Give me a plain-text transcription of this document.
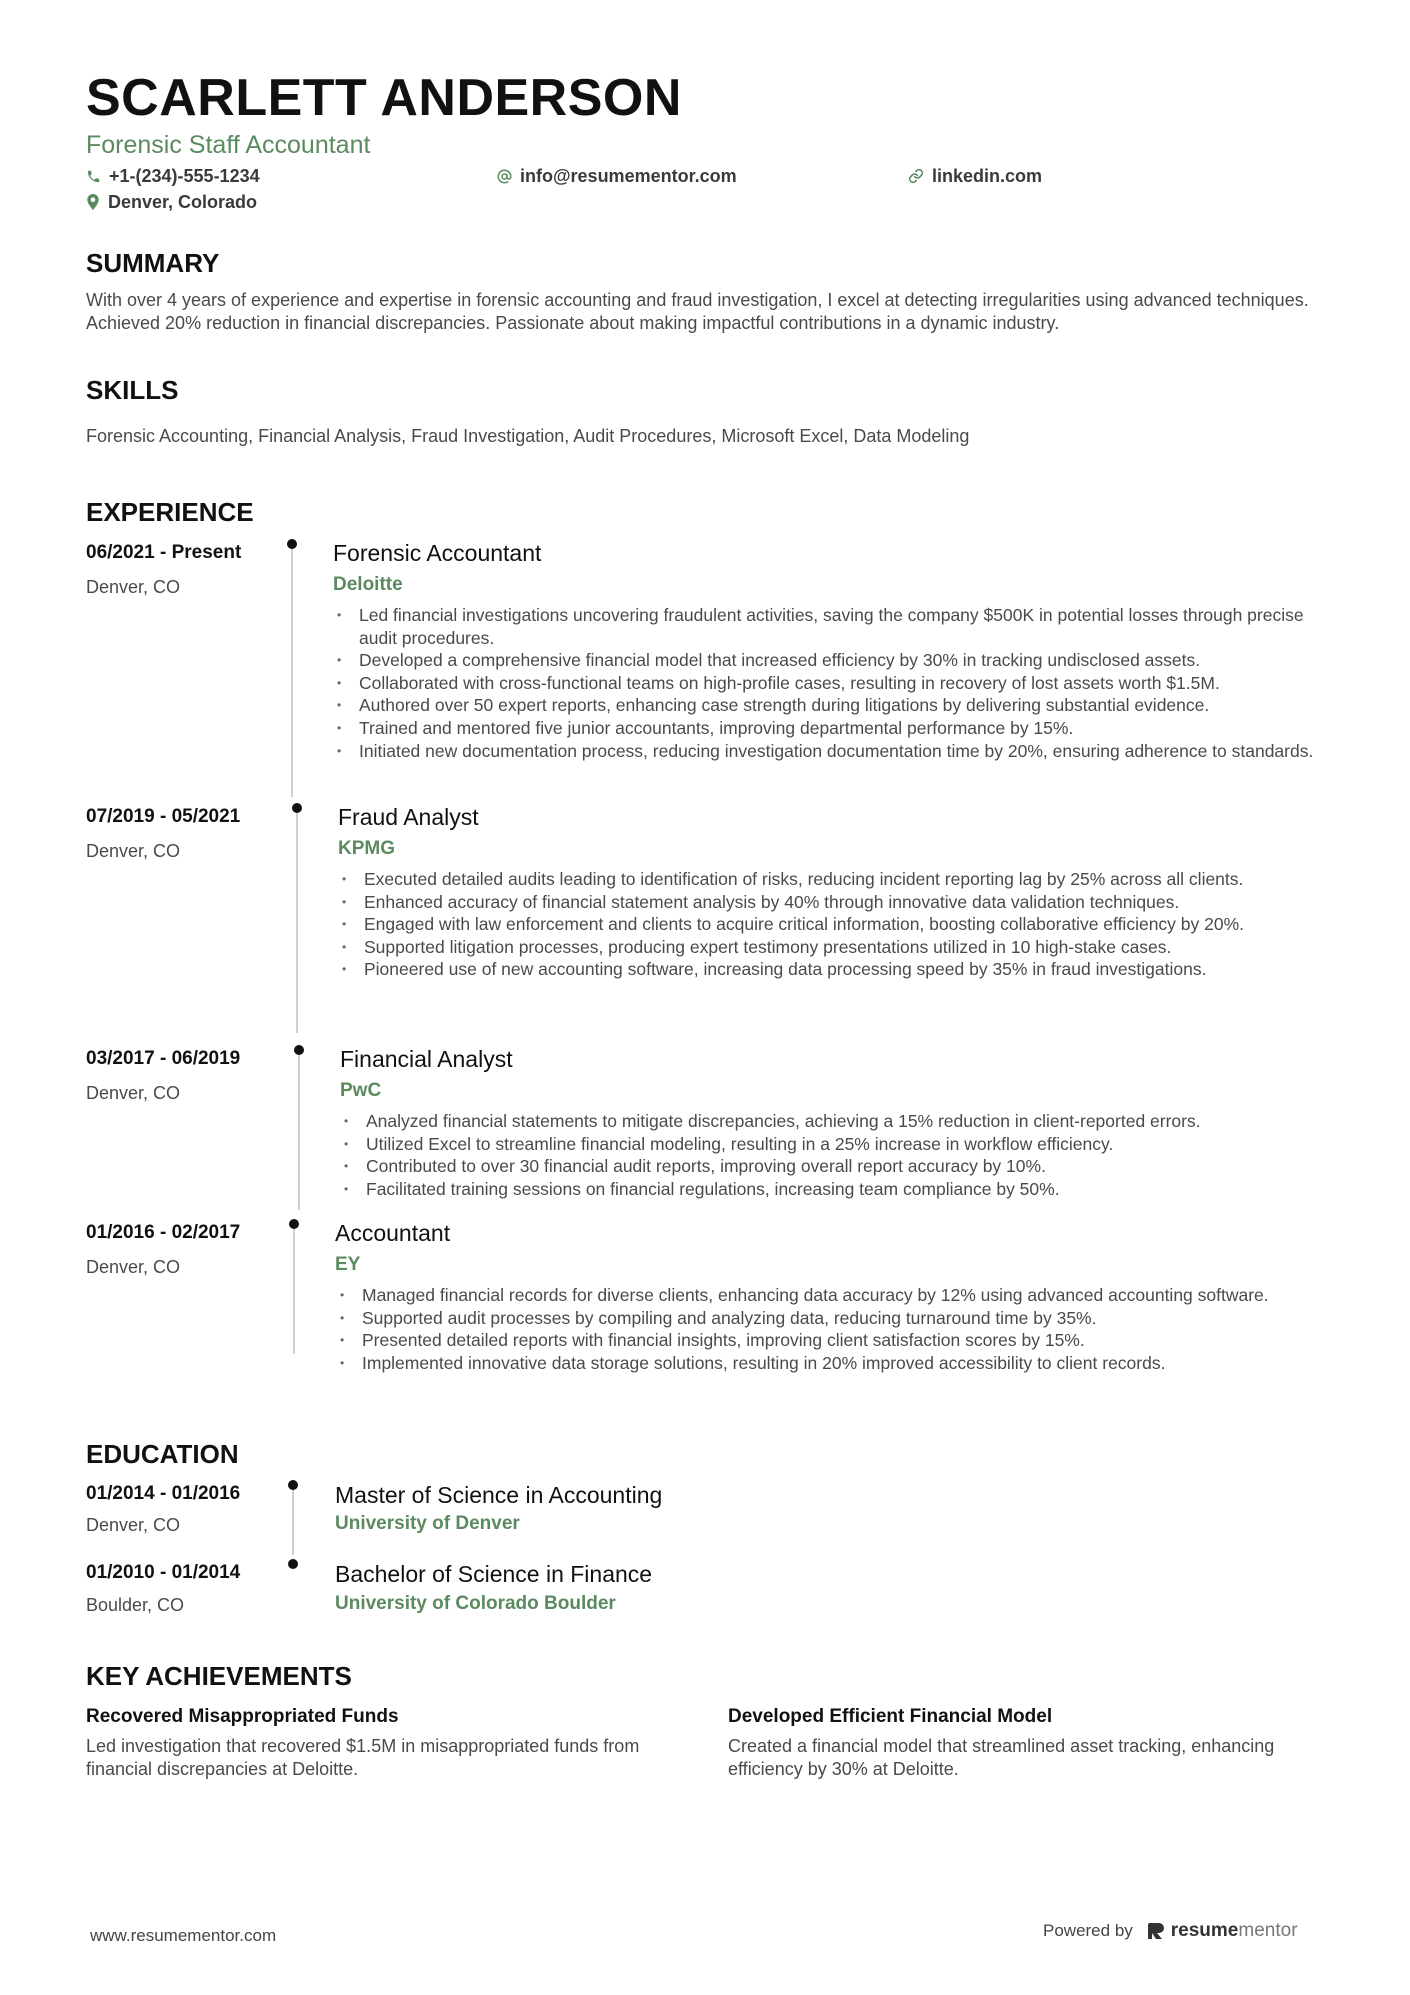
SCARLETT ANDERSON
Forensic Staff Accountant
+1-(234)-555-1234	info@resumementor.com	linkedin.com
Denver, Colorado
SUMMARY
With over 4 years of experience and expertise in forensic accounting and fraud investigation, I excel at detecting irregularities using advanced techniques. Achieved 20% reduction in financial discrepancies. Passionate about making impactful contributions in a dynamic industry.
SKILLS
Forensic Accounting, Financial Analysis, Fraud Investigation, Audit Procedures, Microsoft Excel, Data Modeling
EXPERIENCE
06/2021 - Present
Denver, CO
Forensic Accountant
Deloitte
• Led financial investigations uncovering fraudulent activities, saving the company $500K in potential losses through precise audit procedures.
• Developed a comprehensive financial model that increased efficiency by 30% in tracking undisclosed assets.
• Collaborated with cross-functional teams on high-profile cases, resulting in recovery of lost assets worth $1.5M.
• Authored over 50 expert reports, enhancing case strength during litigations by delivering substantial evidence.
• Trained and mentored five junior accountants, improving departmental performance by 15%.
• Initiated new documentation process, reducing investigation documentation time by 20%, ensuring adherence to standards.
07/2019 - 05/2021
Denver, CO
Fraud Analyst
KPMG
• Executed detailed audits leading to identification of risks, reducing incident reporting lag by 25% across all clients.
• Enhanced accuracy of financial statement analysis by 40% through innovative data validation techniques.
• Engaged with law enforcement and clients to acquire critical information, boosting collaborative efficiency by 20%.
• Supported litigation processes, producing expert testimony presentations utilized in 10 high-stake cases.
• Pioneered use of new accounting software, increasing data processing speed by 35% in fraud investigations.
03/2017 - 06/2019
Denver, CO
Financial Analyst
PwC
• Analyzed financial statements to mitigate discrepancies, achieving a 15% reduction in client-reported errors.
• Utilized Excel to streamline financial modeling, resulting in a 25% increase in workflow efficiency.
• Contributed to over 30 financial audit reports, improving overall report accuracy by 10%.
• Facilitated training sessions on financial regulations, increasing team compliance by 50%.
01/2016 - 02/2017
Denver, CO
Accountant
EY
• Managed financial records for diverse clients, enhancing data accuracy by 12% using advanced accounting software.
• Supported audit processes by compiling and analyzing data, reducing turnaround time by 35%.
• Presented detailed reports with financial insights, improving client satisfaction scores by 15%.
• Implemented innovative data storage solutions, resulting in 20% improved accessibility to client records.
EDUCATION
01/2014 - 01/2016
Denver, CO
Master of Science in Accounting
University of Denver
01/2010 - 01/2014
Boulder, CO
Bachelor of Science in Finance
University of Colorado Boulder
KEY ACHIEVEMENTS
Recovered Misappropriated Funds
Led investigation that recovered $1.5M in misappropriated funds from financial discrepancies at Deloitte.
Developed Efficient Financial Model
Created a financial model that streamlined asset tracking, enhancing efficiency by 30% at Deloitte.
www.resumementor.com	Powered by resumementor
